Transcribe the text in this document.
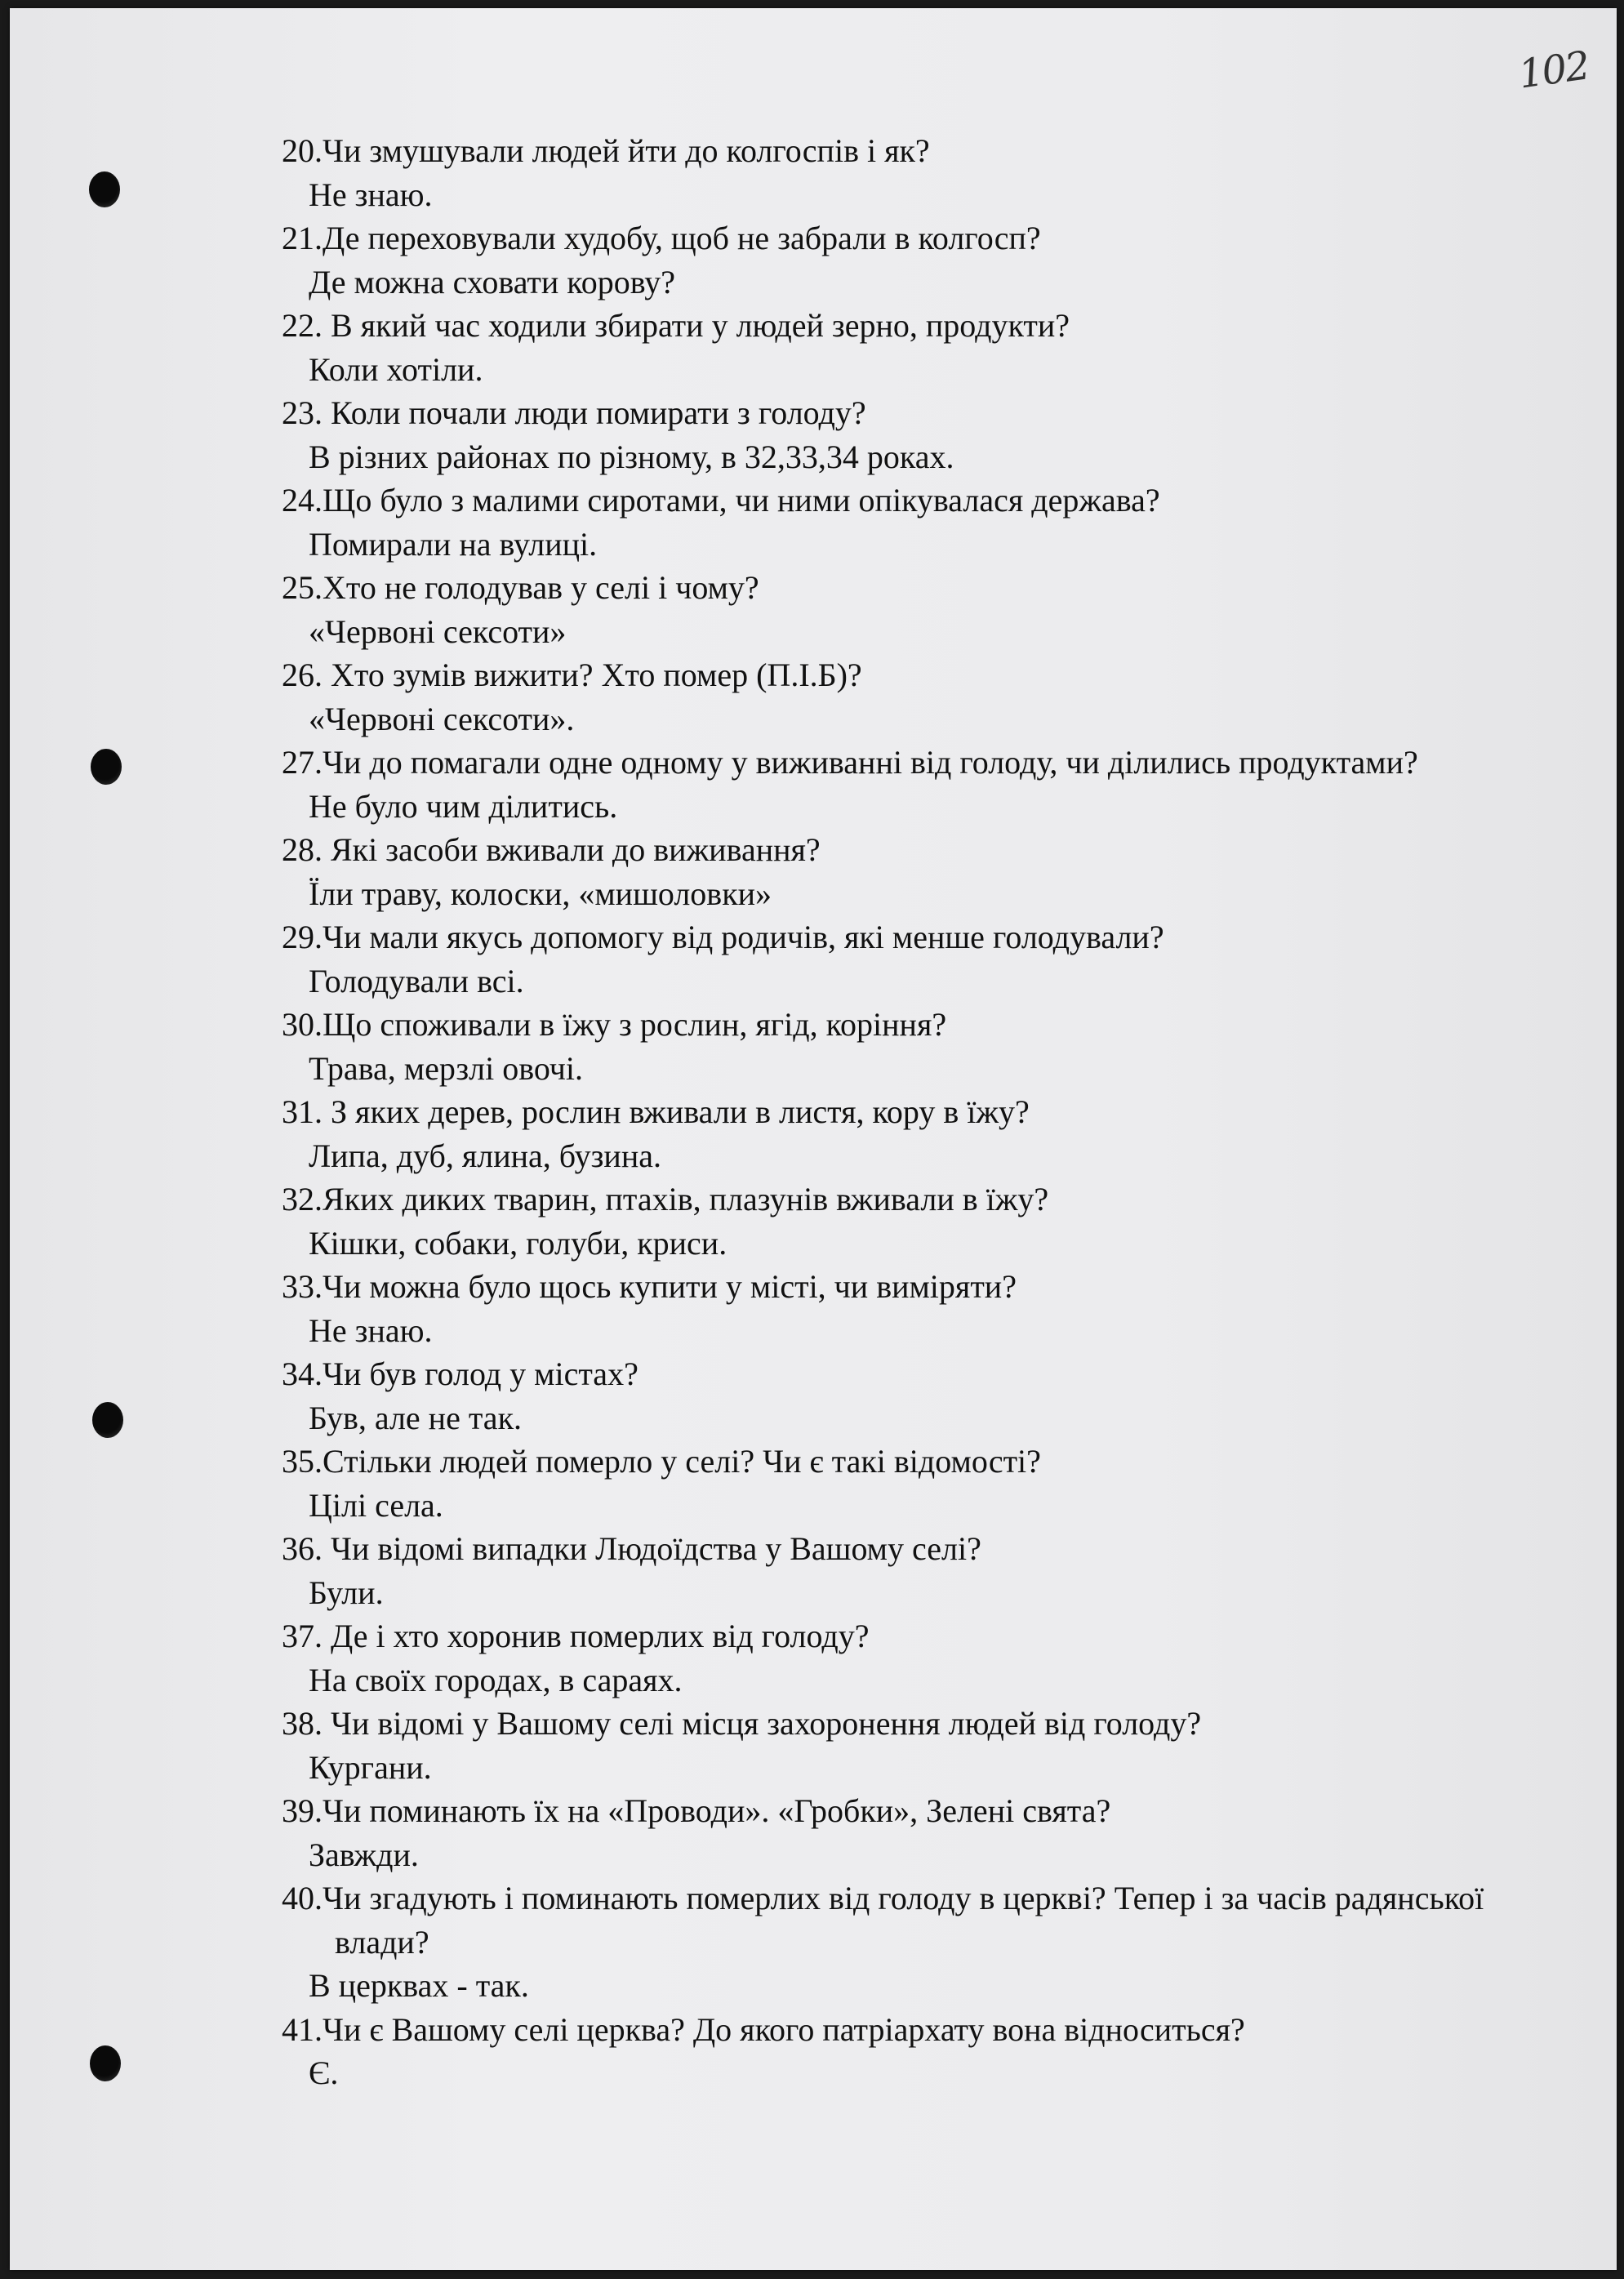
102

20.Чи змушували людей йти до колгоспів і як?

Не знаю.

21.Де переховували худобу, щоб не забрали в колгосп?

Де можна сховати корову?

22. В який час ходили збирати у людей зерно, продукти?

Коли хотіли.

23. Коли почали люди помирати з голоду?

В різних районах по різному, в 32,33,34 роках.

24.Що було з малими сиротами, чи ними опікувалася держава?

Помирали на вулиці.

25.Хто не голодував у селі і чому?

«Червоні сексоти»

26. Хто зумів вижити? Хто помер (П.І.Б)?

«Червоні сексоти».

27.Чи до помагали одне одному у виживанні від голоду, чи ділились продуктами?

Не було чим ділитись.

28. Які засоби вживали до виживання?

Їли траву, колоски, «мишоловки»

29.Чи мали якусь допомогу від родичів, які менше голодували?

Голодували всі.

30.Що споживали в їжу з рослин, ягід, коріння?

Трава, мерзлі овочі.

31. З яких дерев, рослин вживали в листя, кору в їжу?

Липа, дуб, ялина, бузина.

32.Яких диких тварин, птахів, плазунів вживали в їжу?

Кішки, собаки, голуби, криси.

33.Чи можна було щось купити у місті, чи виміряти?

Не знаю.

34.Чи був голод у містах?

Був, але не так.

35.Стільки людей померло у селі? Чи є такі відомості?

Цілі села.

36. Чи відомі випадки Людоїдства у Вашому селі?

Були.

37. Де і хто хоронив померлих від голоду?

На своїх городах, в сараях.

38. Чи відомі у Вашому селі місця захоронення людей від голоду?

Кургани.

39.Чи поминають їх на «Проводи». «Гробки», Зелені свята?

Завжди.

40.Чи згадують і поминають померлих від голоду в церкві? Тепер і за часів радянської влади?

В церквах - так.

41.Чи є Вашому селі церква? До якого патріархату вона відноситься?

Є.
